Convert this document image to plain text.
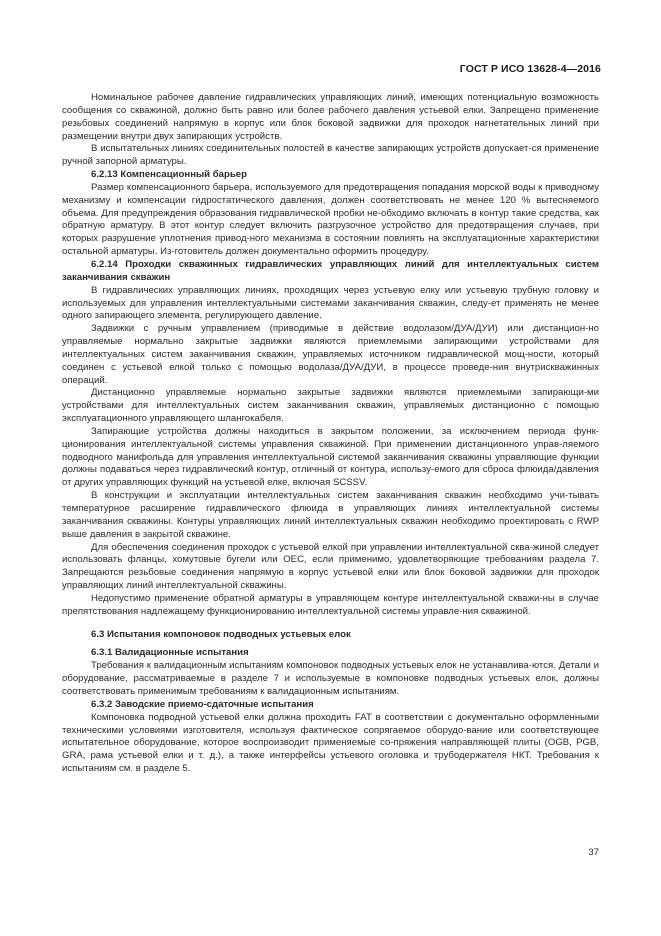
ГОСТ Р ИСО 13628-4—2016

Номинальное рабочее давление гидравлических управляющих линий, имеющих потенциальную возможность сообщения со скважиной, должно быть равно или более рабочего давления устьевой елки. Запрещено применение резьбовых соединений напрямую в корпус или блок боковой задвижки для проходок нагнетательных линий при размещении внутри двух запирающих устройств.

В испытательных линиях соединительных полостей в качестве запирающих устройств допускает-ся применение ручной запорной арматуры.

6.2.13 Компенсационный барьер

Размер компенсационного барьера, используемого для предотвращения попадания морской воды к приводному механизму и компенсации гидростатического давления, должен соответствовать не менее 120 % вытесняемого объема. Для предупреждения образования гидравлической пробки не-обходимо включать в контур такие средства, как обратную арматуру. В этот контур следует включить разгрузочное устройство для предотвращения случаев, при которых разрушение уплотнения привод-ного механизма в состоянии повлиять на эксплуатационные характеристики остальной арматуры. Из-готовитель должен документально оформить процедуру.

6.2.14 Проходки скважинных гидравлических управляющих линий для интеллектуальных систем заканчивания скважин

В гидравлических управляющих линиях, проходящих через устьевую елку или устьевую трубную головку и используемых для управления интеллектуальными системами заканчивания скважин, следу-ет применять не менее одного запирающего элемента, регулирующего давление.

Задвижки с ручным управлением (приводимые в действие водолазом/ДУА/ДУИ) или дистанцион-но управляемые нормально закрытые задвижки являются приемлемыми запирающими устройствами для интеллектуальных систем заканчивания скважин, управляемых источником гидравлической мощ-ности, который соединен с устьевой елкой только с помощью водолаза/ДУА/ДУИ, в процессе проведе-ния внутрискважинных операций.

Дистанционно управляемые нормально закрытые задвижки являются приемлемыми запирающи-ми устройствами для интеллектуальных систем заканчивания скважин, управляемых дистанционно с помощью эксплуатационного управляющего шлангокабеля.

Запирающие устройства должны находиться в закрытом положении, за исключением периода функ-ционирования интеллектуальной системы управления скважиной. При применении дистанционного управ-ляемого подводного манифольда для управления интеллектуальной системой заканчивания скважины управляющие функции должны подаваться через гидравлический контур, отличный от контура, использу-емого для сброса флюида/давления от других управляющих функций на устьевой елке, включая SCSSV.

В конструкции и эксплуатации интеллектуальных систем заканчивания скважин необходимо учи-тывать температурное расширение гидравлического флюида в управляющих линиях интеллектуальной системы заканчивания скважины. Контуры управляющих линий интеллектуальных скважин необходимо проектировать с RWP выше давления в закрытой скважине.

Для обеспечения соединения проходок с устьевой елкой при управлении интеллектуальной сква-жиной следует использовать фланцы, хомутовые бугели или OEC, если применимо, удовлетворяющие требованиям раздела 7. Запрещаются резьбовые соединения напрямую в корпус устьевой елки или блок боковой задвижки для проходок управляющих линий интеллектуальной скважины.

Недопустимо применение обратной арматуры в управляющем контуре интеллектуальной скважи-ны в случае препятствования надлежащему функционированию интеллектуальной системы управле-ния скважиной.

6.3 Испытания компоновок подводных устьевых елок
6.3.1 Валидационные испытания

Требования к валидационным испытаниям компоновок подводных устьевых елок не устанавлива-ются. Детали и оборудование, рассматриваемые в разделе 7 и используемые в компоновке подводных устьевых елок, должны соответствовать применимым требованиям к валидационным испытаниям.

6.3.2 Заводские приемо-сдаточные испытания

Компоновка подводной устьевой елки должна проходить FAT в соответствии с документально оформленными техническими условиями изготовителя, используя фактическое сопрягаемое оборудо-вание или соответствующее испытательное оборудование, которое воспроизводит применяемые со-пряжения направляющей плиты (OGB, PGB, GRA, рама устьевой елки и т. д.), а также интерфейсы устьевого оголовка и трубодержателя НКТ. Требования к испытаниям см. в разделе 5.

37
